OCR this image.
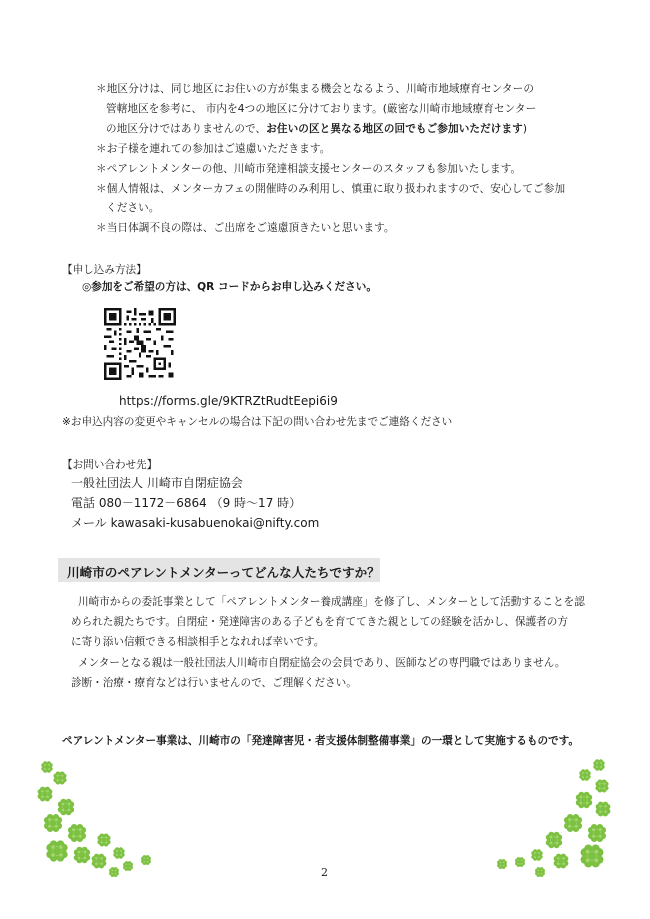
＊地区分けは、同じ地区にお住いの方が集まる機会となるよう、川崎市地域療育センターの
管轄地区を参考に、 市内を4つの地区に分けております。(厳密な川崎市地域療育センター
の地区分けではありませんので、お住いの区と異なる地区の回でもご参加いただけます)
＊お子様を連れての参加はご遠慮いただきます。
＊ペアレントメンターの他、川崎市発達相談支援センターのスタッフも参加いたします。
＊個人情報は、メンターカフェの開催時のみ利用し、慎重に取り扱われますので、安心してご参加
ください。
＊当日体調不良の際は、ご出席をご遠慮頂きたいと思います。
【申し込み方法】
◎参加をご希望の方は、QR コードからお申し込みください。
https://forms.gle/9KTRZtRudtEepi6i9
※お申込内容の変更やキャンセルの場合は下記の問い合わせ先までご連絡ください
【お問い合わせ先】
一般社団法人 川崎市自閉症協会
電話 080－1172－6864 （9 時～17 時）
メール kawasaki-kusabuenokai@nifty.com
川崎市のペアレントメンターってどんな人たちですか？
川崎市からの委託事業として「ペアレントメンター養成講座」を修了し、メンターとして活動することを認
められた親たちです。自閉症・発達障害のある子どもを育ててきた親としての経験を活かし、保護者の方
に寄り添い信頼できる相談相手となれれば幸いです。
メンターとなる親は一般社団法人川崎市自閉症協会の会員であり、医師などの専門職ではありません。
診断・治療・療育などは行いませんので、ご理解ください。
ペアレントメンター事業は、川崎市の「発達障害児・者支援体制整備事業」の一環として実施するものです。
2
